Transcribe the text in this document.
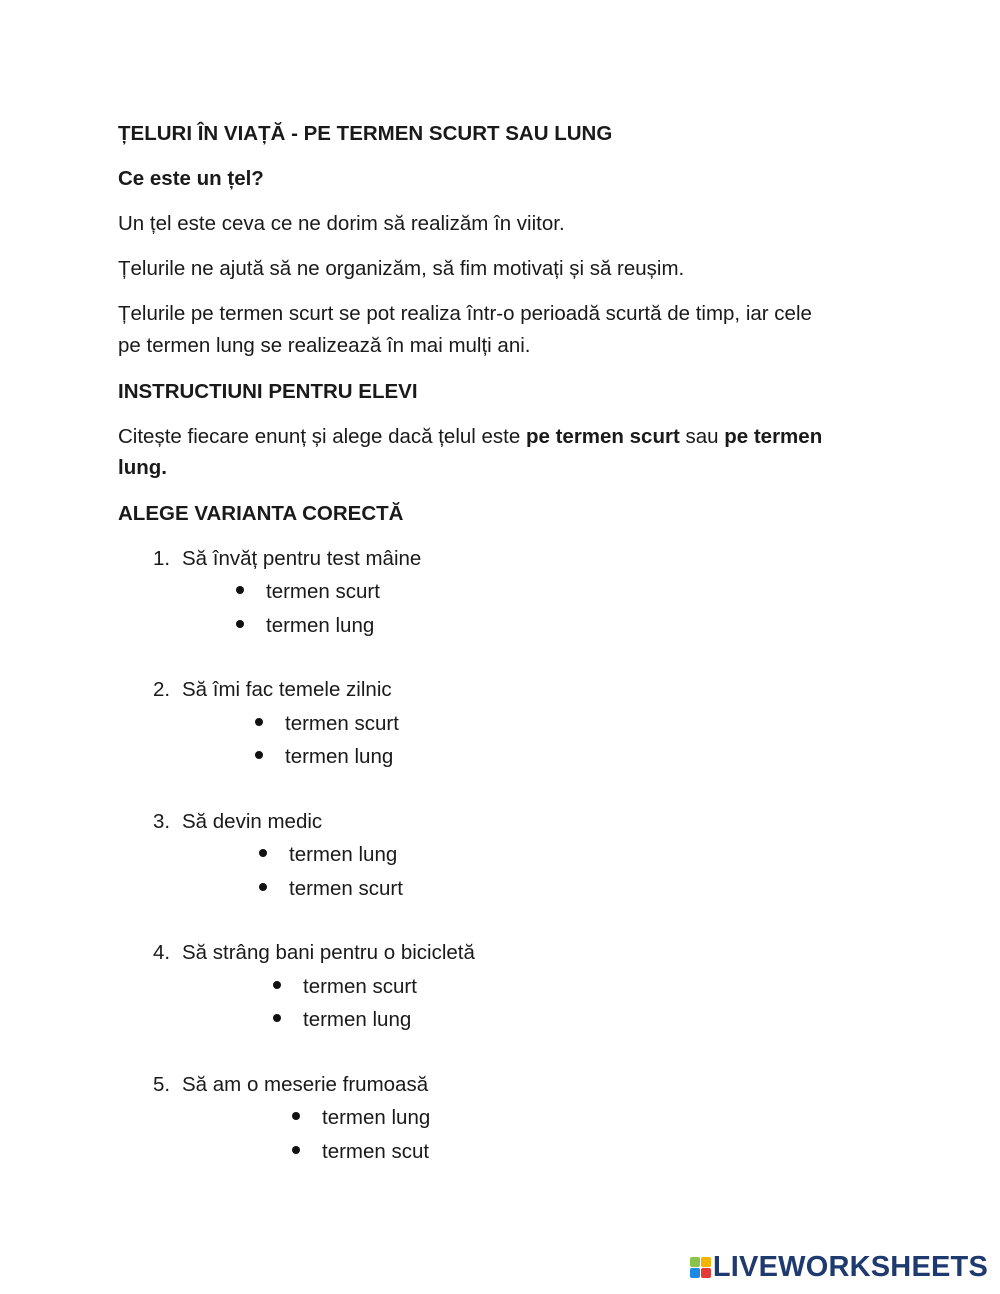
ȚELURI ÎN VIAȚĂ - PE TERMEN SCURT SAU LUNG
Ce este un țel?
Un țel este ceva ce ne dorim să realizăm în viitor.
Țelurile ne ajută să ne organizăm, să fim motivați și să reușim.
Țelurile pe termen scurt se pot realiza într-o perioadă scurtă de timp, iar cele
pe termen lung se realizează în mai mulți ani.
INSTRUCTIUNI PENTRU ELEVI
Citește fiecare enunț și alege dacă țelul este pe termen scurt sau pe termen
lung.
ALEGE VARIANTA CORECTĂ
1. Să învăț pentru test mâine
termen scurt
termen lung
2. Să îmi fac temele zilnic
termen scurt
termen lung
3. Să devin medic
termen lung
termen scurt
4. Să strâng bani pentru o bicicletă
termen scurt
termen lung
5. Să am o meserie frumoasă
termen lung
termen scut
LIVEWORKSHEETS
